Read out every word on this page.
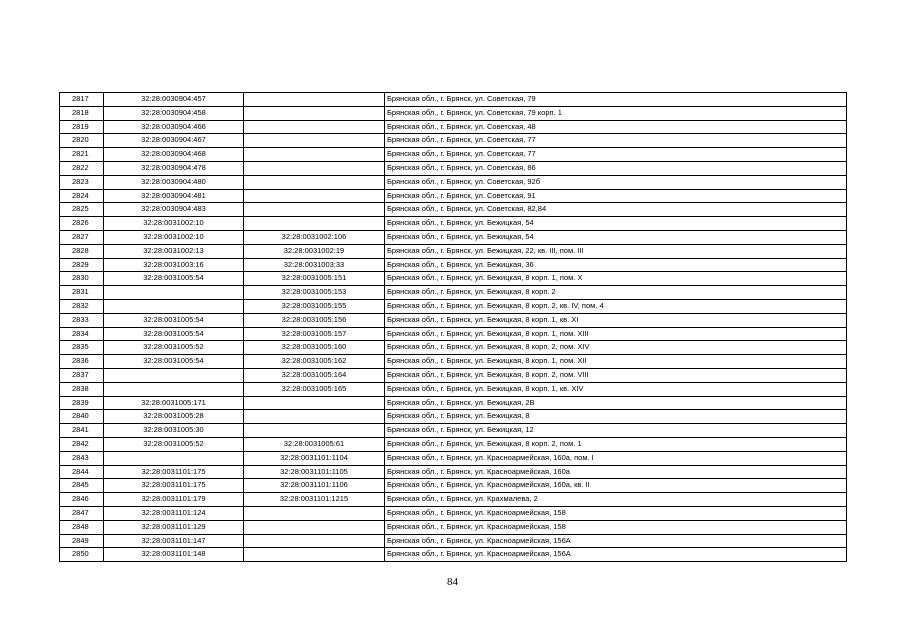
2817	32:28:0030904:457		Брянская обл., г. Брянск, ул. Советская, 79
2818	32:28:0030904:458		Брянская обл., г. Брянск, ул. Советская, 79 корп. 1
2819	32:28:0030904:466		Брянская обл., г. Брянск, ул. Советская, 48
2820	32:28:0030904:467		Брянская обл., г. Брянск, ул. Советская, 77
2821	32:28:0030904:468		Брянская обл., г. Брянск, ул. Советская, 77
2822	32:28:0030904:478		Брянская обл., г. Брянск, ул. Советская, 86
2823	32:28:0030904:480		Брянская обл., г. Брянск, ул. Советская, 92б
2824	32:28:0030904:481		Брянская обл., г. Брянск, ул. Советская, 91
2825	32:28:0030904:483		Брянская обл., г. Брянск, ул. Советская, 82,84
2826	32:28:0031002:10		Брянская обл., г. Брянск, ул. Бежицкая, 54
2827	32:28:0031002:10	32:28:0031002:106	Брянская обл., г. Брянск, ул. Бежицкая, 54
2828	32:28:0031002:13	32:28:0031002:19	Брянская обл., г. Брянск, ул. Бежицкая, 22, кв. III, пом. III
2829	32:28:0031003:16	32:28:0031003:33	Брянская обл., г. Брянск, ул. Бежицкая, 36
2830	32:28:0031005:54	32:28:0031005:151	Брянская обл., г. Брянск, ул. Бежицкая, 8 корп. 1, пом. X
2831		32:28:0031005:153	Брянская обл., г. Брянск, ул. Бежицкая, 8 корп. 2
2832		32:28:0031005:155	Брянская обл., г. Брянск, ул. Бежицкая, 8 корп. 2, кв. IV, пом. 4
2833	32:28:0031005:54	32:28:0031005:156	Брянская обл., г. Брянск, ул. Бежицкая, 8 корп. 1, кв. XI
2834	32:28:0031005:54	32:28:0031005:157	Брянская обл., г. Брянск, ул. Бежицкая, 8 корп. 1, пом. XIII
2835	32:28:0031005:52	32:28:0031005:160	Брянская обл., г. Брянск, ул. Бежицкая, 8 корп. 2, пом. XIV
2836	32:28:0031005:54	32:28:0031005:162	Брянская обл., г. Брянск, ул. Бежицкая, 8 корп. 1, пом. XII
2837		32:28:0031005:164	Брянская обл., г. Брянск, ул. Бежицкая, 8 корп. 2, пом. VIII
2838		32:28:0031005:165	Брянская обл., г. Брянск, ул. Бежицкая, 8 корп. 1, кв. XIV
2839	32:28:0031005:171		Брянская обл., г. Брянск, ул. Бежицкая, 2В
2840	32:28:0031005:28		Брянская обл., г. Брянск, ул. Бежицкая, 8
2841	32:28:0031005:30		Брянская обл., г. Брянск, ул. Бежицкая, 12
2842	32:28:0031005:52	32:28:0031005:61	Брянская обл., г. Брянск, ул. Бежицкая, 8 корп. 2, пом. 1
2843		32:28:0031101:1104	Брянская обл., г. Брянск, ул. Красноармейская, 160а, пом. I
2844	32:28:0031101:175	32:28:0031101:1105	Брянская обл., г. Брянск, ул. Красноармейская, 160а
2845	32:28:0031101:175	32:28:0031101:1106	Брянская обл., г. Брянск, ул. Красноармейская, 160а, кв. II
2846	32:28:0031101:179	32:28:0031101:1215	Брянская обл., г. Брянск, ул. Крахмалева, 2
2847	32:28:0031101:124		Брянская обл., г. Брянск, ул. Красноармейская, 158
2848	32:28:0031101:129		Брянская обл., г. Брянск, ул. Красноармейская, 158
2849	32:28:0031101:147		Брянская обл., г. Брянск, ул. Красноармейская, 156А
2850	32:28:0031101:148		Брянская обл., г. Брянск, ул. Красноармейская, 156А
84
